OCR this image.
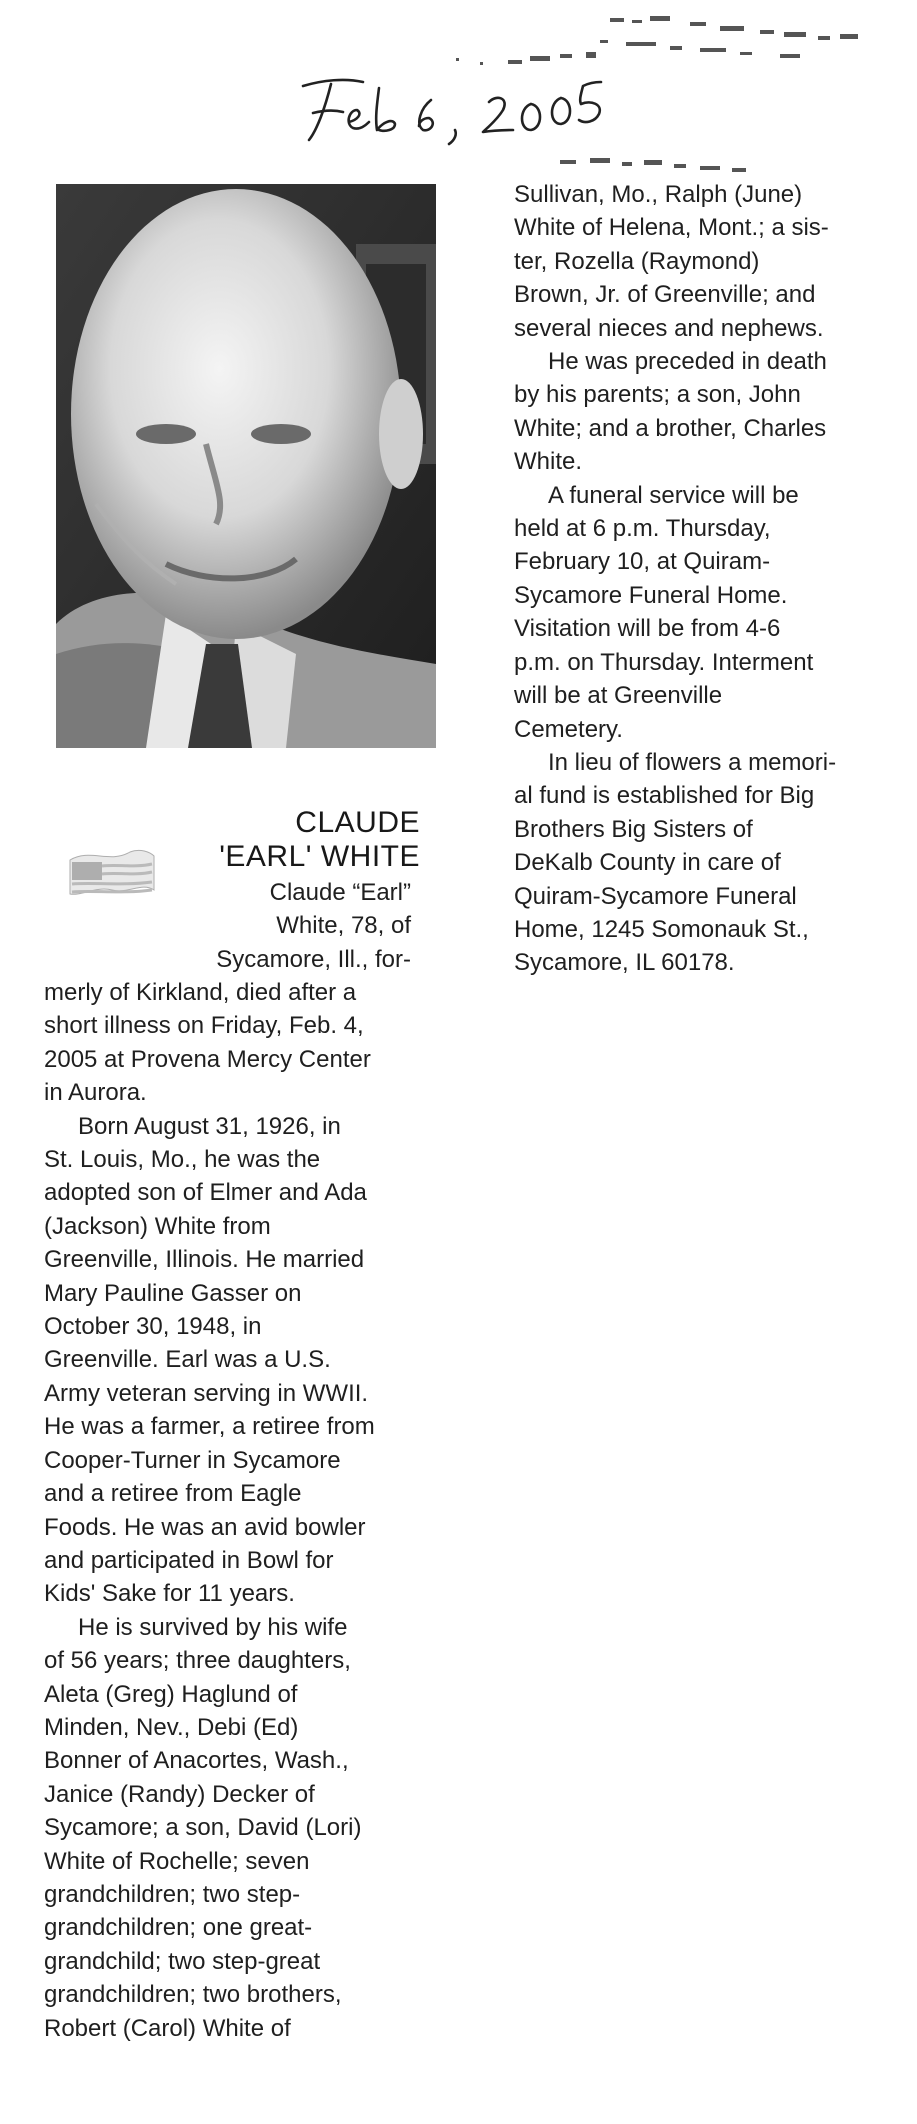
CLAUDE
'EARL' WHITE
Claude “Earl”
White, 78, of
Sycamore, Ill., for-
merly of Kirkland, died after a
short illness on Friday, Feb. 4,
2005 at Provena Mercy Center
in Aurora.
Born August 31, 1926, in
St. Louis, Mo., he was the
adopted son of Elmer and Ada
(Jackson) White from
Greenville, Illinois. He married
Mary Pauline Gasser on
October 30, 1948, in
Greenville. Earl was a U.S.
Army veteran serving in WWII.
He was a farmer, a retiree from
Cooper-Turner in Sycamore
and a retiree from Eagle
Foods. He was an avid bowler
and participated in Bowl for
Kids' Sake for 11 years.
He is survived by his wife
of 56 years; three daughters,
Aleta (Greg) Haglund of
Minden, Nev., Debi (Ed)
Bonner of Anacortes, Wash.,
Janice (Randy) Decker of
Sycamore; a son, David (Lori)
White of Rochelle; seven
grandchildren; two step-
grandchildren; one great-
grandchild; two step-great
grandchildren; two brothers,
Robert (Carol) White of
Sullivan, Mo., Ralph (June)
White of Helena, Mont.; a sis-
ter, Rozella (Raymond)
Brown, Jr. of Greenville; and
several nieces and nephews.
He was preceded in death
by his parents; a son, John
White; and a brother, Charles
White.
A funeral service will be
held at 6 p.m. Thursday,
February 10, at Quiram-
Sycamore Funeral Home.
Visitation will be from 4-6
p.m. on Thursday. Interment
will be at Greenville
Cemetery.
In lieu of flowers a memori-
al fund is established for Big
Brothers Big Sisters of
DeKalb County in care of
Quiram-Sycamore Funeral
Home, 1245 Somonauk St.,
Sycamore, IL 60178.
